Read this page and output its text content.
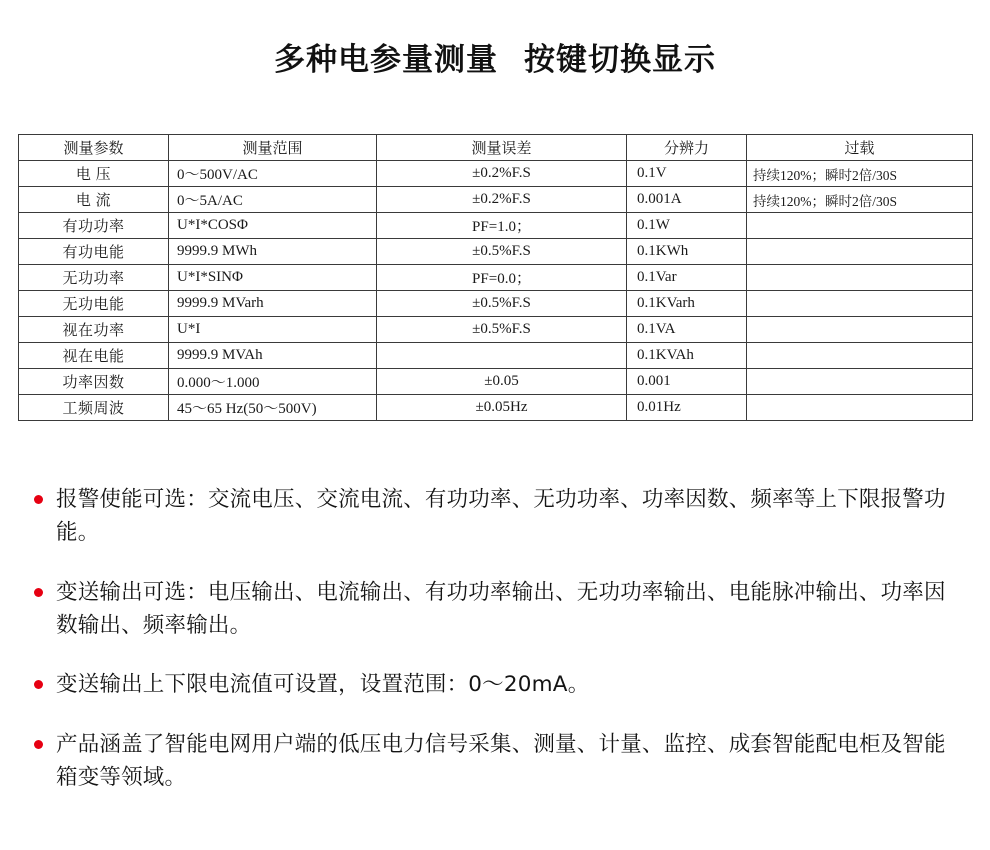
多种电参量测量 按键切换显示
测量参数	测量范围	测量误差	分辨力	过载
电 压	0～500V/AC	±0.2%F.S	0.1V	持续120%；瞬时2倍/30S
电 流	0～5A/AC	±0.2%F.S	0.001A	持续120%；瞬时2倍/30S
有功功率	U*I*COSΦ	PF=1.0；	0.1W	
有功电能	9999.9 MWh	±0.5%F.S	0.1KWh	
无功功率	U*I*SINΦ	PF=0.0；	0.1Var	
无功电能	9999.9 MVarh	±0.5%F.S	0.1KVarh	
视在功率	U*I	±0.5%F.S	0.1VA	
视在电能	9999.9 MVAh		0.1KVAh	
功率因数	0.000～1.000	±0.05	0.001	
工频周波	45～65 Hz(50～500V)	±0.05Hz	0.01Hz	
报警使能可选：交流电压、交流电流、有功功率、无功功率、功率因数、频率等上下限报警功能。
变送输出可选：电压输出、电流输出、有功功率输出、无功功率输出、电能脉冲输出、功率因数输出、频率输出。
变送输出上下限电流值可设置，设置范围：0～20mA。
产品涵盖了智能电网用户端的低压电力信号采集、测量、计量、监控、成套智能配电柜及智能箱变等领域。
